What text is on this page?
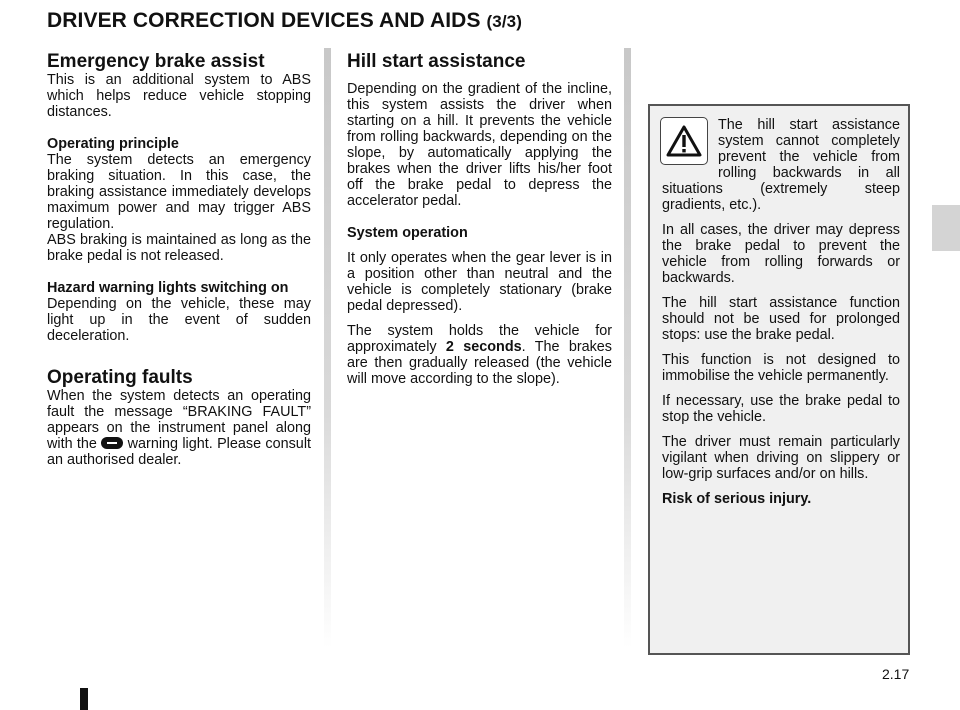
DRIVER CORRECTION DEVICES AND AIDS (3/3)
Emergency brake assist

This is an additional system to ABS which helps reduce vehicle stopping distances.

Operating principle

The system detects an emergency braking situation. In this case, the braking assistance immediately develops maximum power and may trigger ABS regulation.

ABS braking is maintained as long as the brake pedal is not released.

Hazard warning lights switching on

Depending on the vehicle, these may light up in the event of sudden deceleration.

Operating faults

When the system detects an operating fault the message “BRAKING FAULT” appears on the instrument panel along with the warning light. Please consult an authorised dealer.

Hill start assistance

Depending on the gradient of the incline, this system assists the driver when starting on a hill. It prevents the vehicle from rolling backwards, depending on the slope, by automatically applying the brakes when the driver lifts his/her foot off the brake pedal to depress the accelerator pedal.

System operation

It only operates when the gear lever is in a position other than neutral and the vehicle is completely stationary (brake pedal depressed).

The system holds the vehicle for approximately 2 seconds. The brakes are then gradually released (the vehicle will move according to the slope).

The hill start assistance system cannot completely prevent the vehicle from rolling backwards in all situations (extremely steep gradients, etc.).

In all cases, the driver may depress the brake pedal to prevent the vehicle from rolling forwards or backwards.

The hill start assistance function should not be used for prolonged stops: use the brake pedal.

This function is not designed to immobilise the vehicle permanently.

If necessary, use the brake pedal to stop the vehicle.

The driver must remain particularly vigilant when driving on slippery or low-grip surfaces and/or on hills.

Risk of serious injury.

2.17
